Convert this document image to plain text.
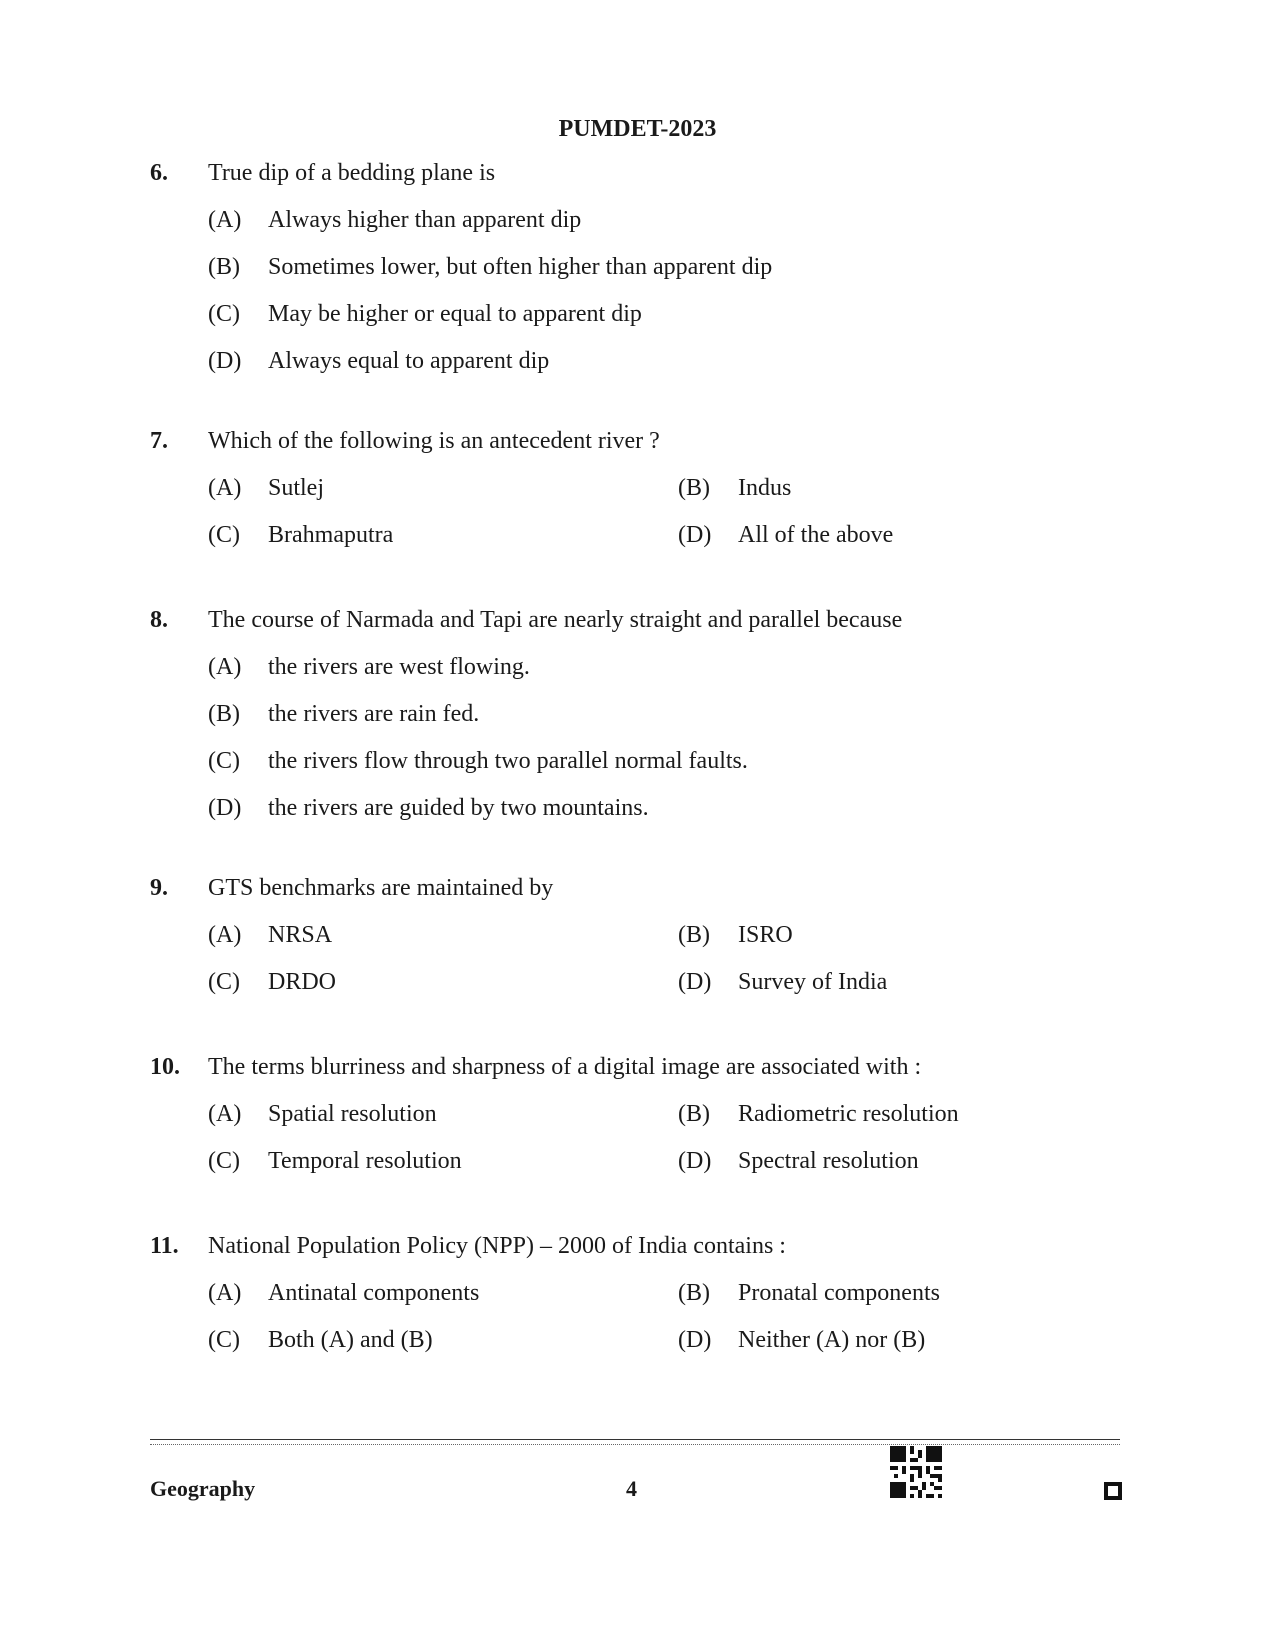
PUMDET-2023
6.	True dip of a bedding plane is
(A)	Always higher than apparent dip
(B)	Sometimes lower, but often higher than apparent dip
(C)	May be higher or equal to apparent dip
(D)	Always equal to apparent dip
7.	Which of the following is an antecedent river ?
(A)	Sutlej	(B)	Indus
(C)	Brahmaputra	(D)	All of the above
8.	The course of Narmada and Tapi are nearly straight and parallel because
(A)	the rivers are west flowing.
(B)	the rivers are rain fed.
(C)	the rivers flow through two parallel normal faults.
(D)	the rivers are guided by two mountains.
9.	GTS benchmarks are maintained by
(A)	NRSA	(B)	ISRO
(C)	DRDO	(D)	Survey of India
10.	The terms blurriness and sharpness of a digital image are associated with :
(A)	Spatial resolution	(B)	Radiometric resolution
(C)	Temporal resolution	(D)	Spectral resolution
11.	National Population Policy (NPP) – 2000 of India contains :
(A)	Antinatal components	(B)	Pronatal components
(C)	Both (A) and (B)	(D)	Neither (A) nor (B)
Geography	4
